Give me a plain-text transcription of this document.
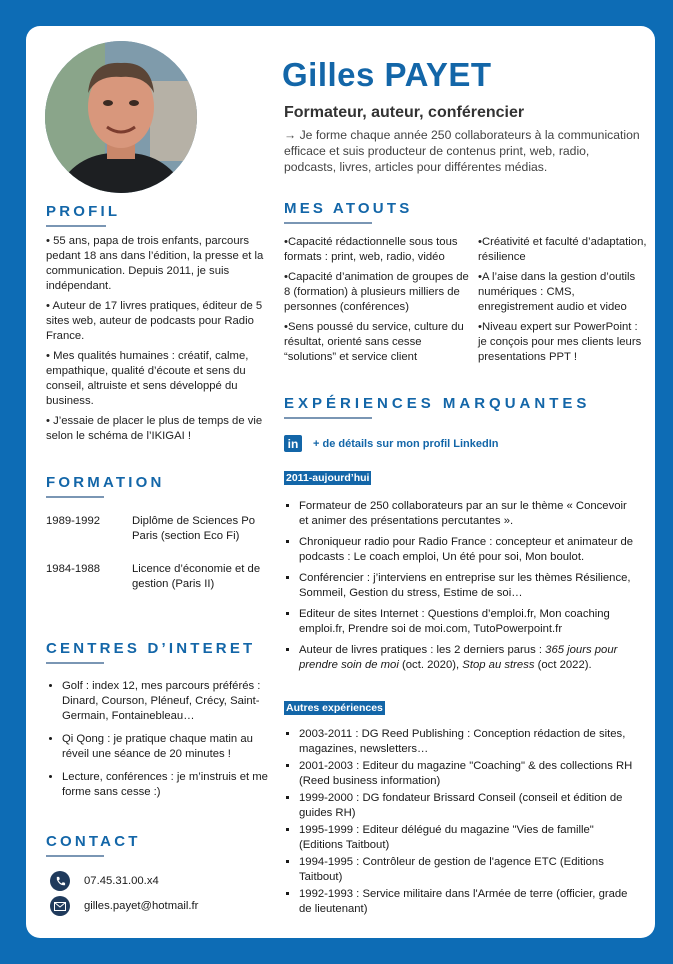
Gilles PAYET
Formateur, auteur, conférencier
→ Je forme chaque année 250 collaborateurs à la communication efficace et suis producteur de contenus print, web, radio, podcasts, livres, articles pour différentes médias.
PROFIL

• 55 ans, papa de trois enfants, parcours pedant 18 ans dans l’édition, la presse et la communication. Depuis 2011, je suis indépendant.

• Auteur de 17 livres pratiques, éditeur de 5 sites web, auteur de podcasts pour Radio France.

• Mes qualités humaines : créatif, calme, empathique, qualité d’écoute et sens du conseil, altruiste et sens développé du business.

• J’essaie de placer le plus de temps de vie selon le schéma de l’IKIGAI !

FORMATION
1989-1992	Diplôme de Sciences Po Paris (section Eco Fi)
1984-1988	Licence d’économie et de gestion (Paris II)
CENTRES D’INTERET
• Golf : index 12, mes parcours préférés : Dinard, Courson, Pléneuf, Crécy, Saint-Germain, Fontainebleau…
• Qi Qong : je pratique chaque matin au réveil une séance de 20 minutes !
• Lecture, conférences : je m’instruis et me forme sans cesse :)
CONTACT
07.45.31.00.x4
gilles.payet@hotmail.fr
MES ATOUTS

•Capacité rédactionnelle sous tous formats : print, web, radio, vidéo

•Capacité d’animation de groupes de 8 (formation) à plusieurs milliers de personnes (conférences)

•Sens poussé du service, culture du résultat, orienté sans cesse “solutions” et service client

•Créativité et faculté d’adaptation, résilience

•A l’aise dans la gestion d’outils numériques : CMS, enregistrement audio et video

•Niveau expert sur PowerPoint : je conçois pour mes clients leurs presentations PPT !

EXPÉRIENCES MARQUANTES
in	+ de détails sur mon profil LinkedIn
2011-aujourd’hui
▪ Formateur de 250 collaborateurs par an sur le thème « Concevoir et animer des présentations percutantes ».
▪ Chroniqueur radio pour Radio France : concepteur et animateur de podcasts : Le coach emploi, Un été pour soi, Mon boulot.
▪ Conférencier : j’interviens en entreprise sur les thèmes Résilience, Sommeil, Gestion du stress, Estime de soi…
▪ Editeur de sites Internet : Questions d’emploi.fr, Mon coaching emploi.fr, Prendre soi de moi.com, TutoPowerpoint.fr
▪ Auteur de livres pratiques : les 2 derniers parus : 365 jours pour prendre soin de moi (oct. 2020), Stop au stress (oct 2022).
Autres expériences
▪ 2003-2011 : DG Reed Publishing : Conception rédaction de sites, magazines, newsletters…
▪ 2001-2003 : Editeur du magazine "Coaching" & des collections RH (Reed business information)
▪ 1999-2000 : DG fondateur Brissard Conseil (conseil et édition de guides RH)
▪ 1995-1999 : Editeur délégué du magazine "Vies de famille" (Editions Taitbout)
▪ 1994-1995 : Contrôleur de gestion de l'agence ETC (Editions Taitbout)
▪ 1992-1993 : Service militaire dans l'Armée de terre (officier, grade de lieutenant)
